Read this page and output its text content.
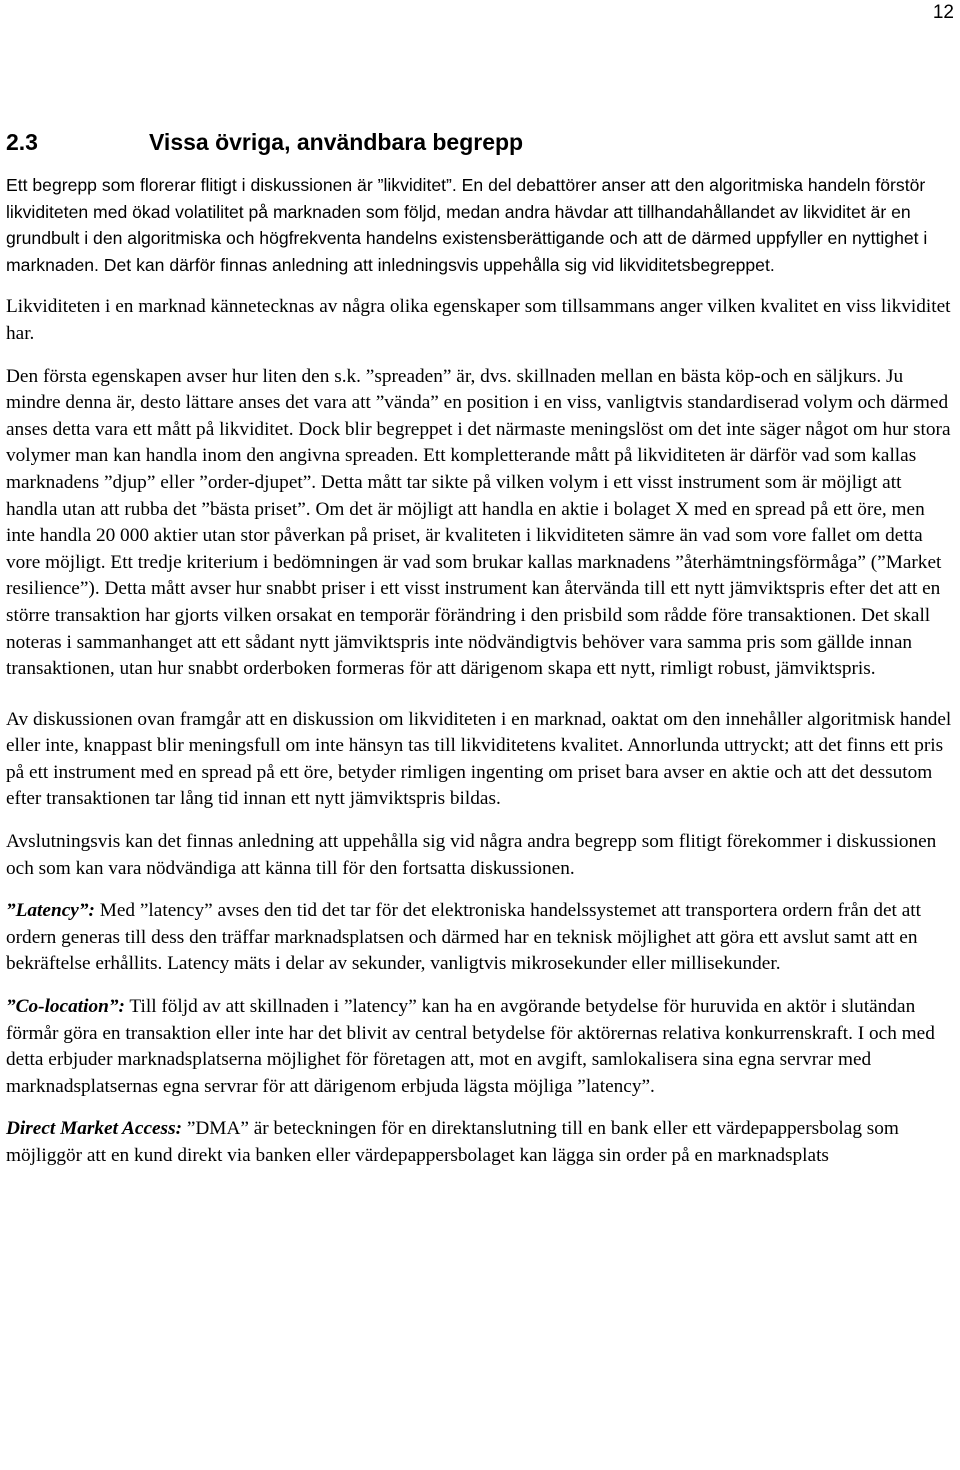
12
2.3	Vissa övriga, användbara begrepp

Ett begrepp som florerar flitigt i diskussionen är ”likviditet”. En del debattörer anser att den algoritmiska handeln förstör likviditeten med ökad volatilitet på marknaden som följd, medan andra hävdar att tillhandahållandet av likviditet är en grundbult i den algoritmiska och högfrekventa handelns existensberättigande och att de därmed uppfyller en nyttighet i marknaden. Det kan därför finnas anledning att inledningsvis uppehålla sig vid likviditetsbegreppet.

Likviditeten i en marknad kännetecknas av några olika egenskaper som tillsammans anger vilken kvalitet en viss likviditet har.

Den första egenskapen avser hur liten den s.k. ”spreaden” är, dvs. skillnaden mellan en bästa köp-och en säljkurs. Ju mindre denna är, desto lättare anses det vara att ”vända” en position i en viss, vanligtvis standardiserad volym och därmed anses detta vara ett mått på likviditet. Dock blir begreppet i det närmaste meningslöst om det inte säger något om hur stora volymer man kan handla inom den angivna spreaden. Ett kompletterande mått på likviditeten är därför vad som kallas marknadens ”djup” eller ”order-djupet”. Detta mått tar sikte på vilken volym i ett visst instrument som är möjligt att handla utan att rubba det ”bästa priset”. Om det är möjligt att handla en aktie i bolaget X med en spread på ett öre, men inte handla 20 000 aktier utan stor påverkan på priset, är kvaliteten i likviditeten sämre än vad som vore fallet om detta vore möjligt. Ett tredje kriterium i bedömningen är vad som brukar kallas marknadens ”återhämtningsförmåga” (”Market resilience”). Detta mått avser hur snabbt priser i ett visst instrument kan återvända till ett nytt jämviktspris efter det att en större transaktion har gjorts vilken orsakat en temporär förändring i den prisbild som rådde före transaktionen. Det skall noteras i sammanhanget att ett sådant nytt jämviktspris inte nödvändigtvis behöver vara samma pris som gällde innan transaktionen, utan hur snabbt orderboken formeras för att därigenom skapa ett nytt, rimligt robust, jämviktspris.

Av diskussionen ovan framgår att en diskussion om likviditeten i en marknad, oaktat om den innehåller algoritmisk handel eller inte, knappast blir meningsfull om inte hänsyn tas till likviditetens kvalitet. Annorlunda uttryckt; att det finns ett pris på ett instrument med en spread på ett öre, betyder rimligen ingenting om priset bara avser en aktie och att det dessutom efter transaktionen tar lång tid innan ett nytt jämviktspris bildas.

Avslutningsvis kan det finnas anledning att uppehålla sig vid några andra begrepp som flitigt förekommer i diskussionen och som kan vara nödvändiga att känna till för den fortsatta diskussionen.

”Latency”: Med ”latency” avses den tid det tar för det elektroniska handelssystemet att transportera ordern från det att ordern generas till dess den träffar marknadsplatsen och därmed har en teknisk möjlighet att göra ett avslut samt att en bekräftelse erhållits. Latency mäts i delar av sekunder, vanligtvis mikrosekunder eller millisekunder.

”Co-location”: Till följd av att skillnaden i ”latency” kan ha en avgörande betydelse för huruvida en aktör i slutändan förmår göra en transaktion eller inte har det blivit av central betydelse för aktörernas relativa konkurrenskraft. I och med detta erbjuder marknadsplatserna möjlighet för företagen att, mot en avgift, samlokalisera sina egna servrar med marknadsplatsernas egna servrar för att därigenom erbjuda lägsta möjliga ”latency”.

Direct Market Access: ”DMA” är beteckningen för en direktanslutning till en bank eller ett värdepappersbolag som möjliggör att en kund direkt via banken eller värdepappersbolaget kan lägga sin order på en marknadsplats
